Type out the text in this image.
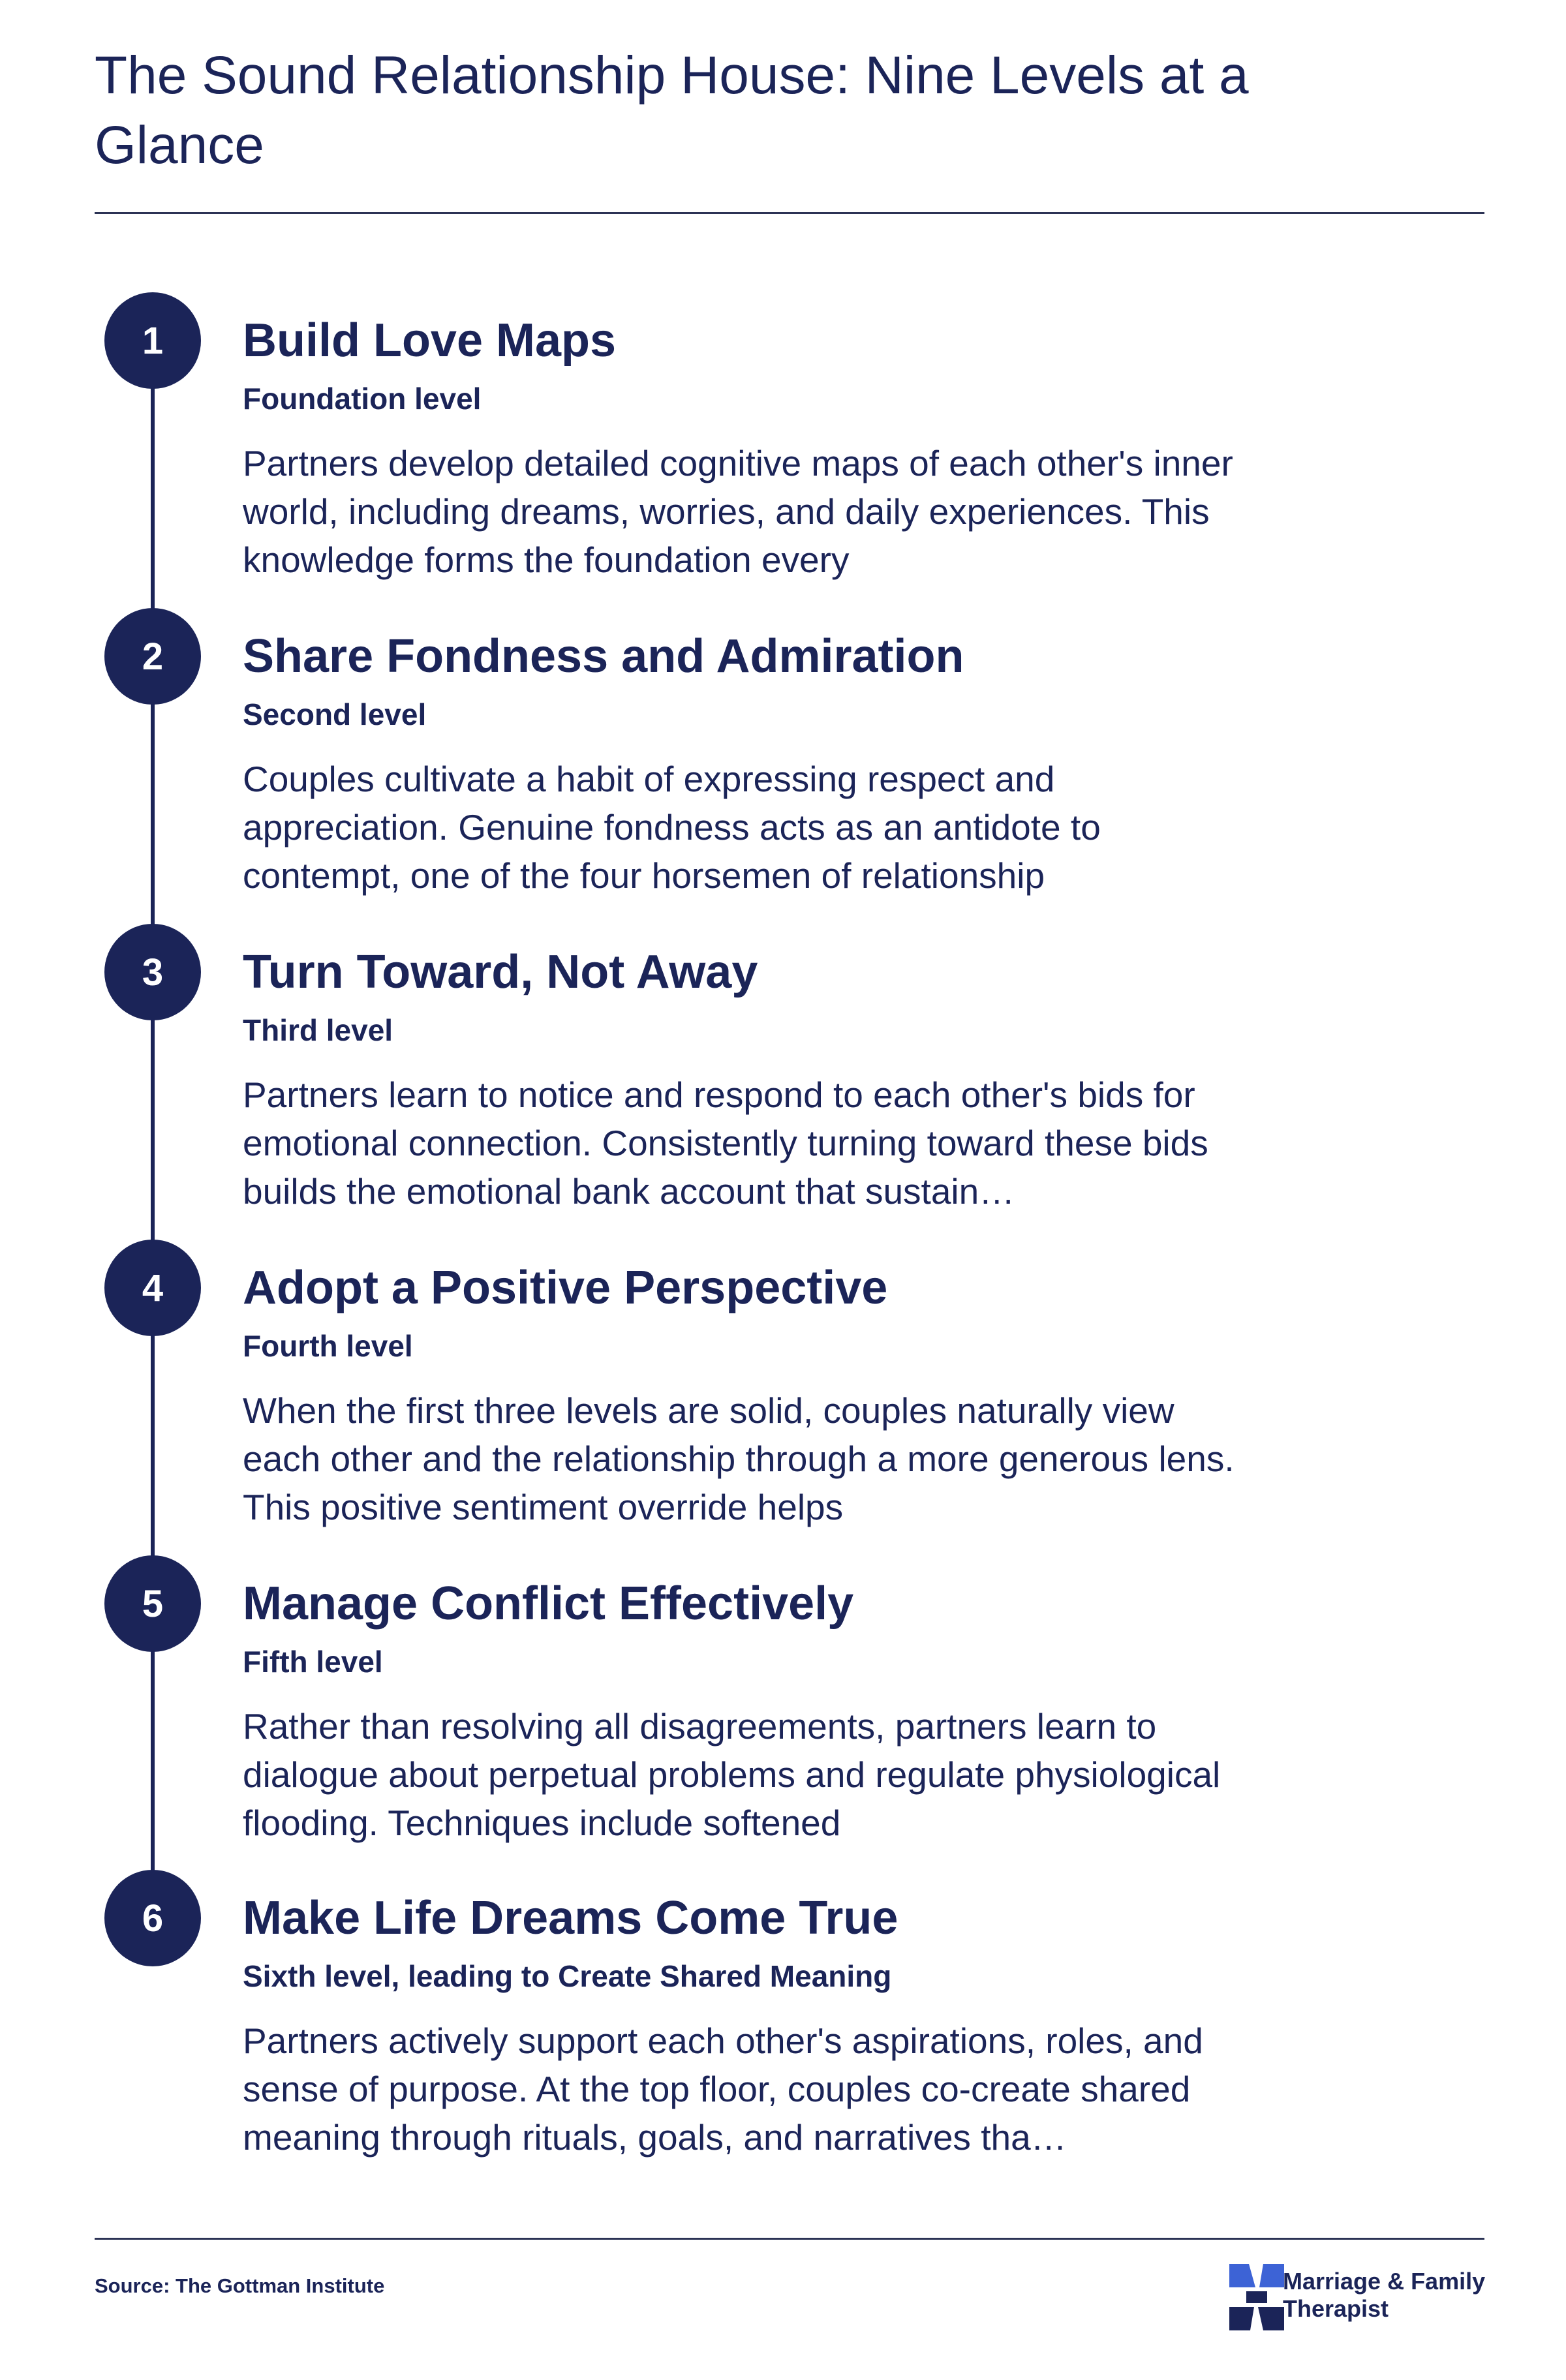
The Sound Relationship House: Nine Levels at a Glance
1	Build Love Maps
Foundation level
Partners develop detailed cognitive maps of each other's inner world, including dreams, worries, and daily experiences. This knowledge forms the foundation every
2	Share Fondness and Admiration
Second level
Couples cultivate a habit of expressing respect and appreciation. Genuine fondness acts as an antidote to contempt, one of the four horsemen of relationship
3	Turn Toward, Not Away
Third level
Partners learn to notice and respond to each other's bids for emotional connection. Consistently turning toward these bids builds the emotional bank account that sustain…
4	Adopt a Positive Perspective
Fourth level
When the first three levels are solid, couples naturally view each other and the relationship through a more generous lens. This positive sentiment override helps
5	Manage Conflict Effectively
Fifth level
Rather than resolving all disagreements, partners learn to dialogue about perpetual problems and regulate physiological flooding. Techniques include softened
6	Make Life Dreams Come True
Sixth level, leading to Create Shared Meaning
Partners actively support each other's aspirations, roles, and sense of purpose. At the top floor, couples co-create shared meaning through rituals, goals, and narratives tha…
Source: The Gottman Institute	Marriage & Family
Therapist
